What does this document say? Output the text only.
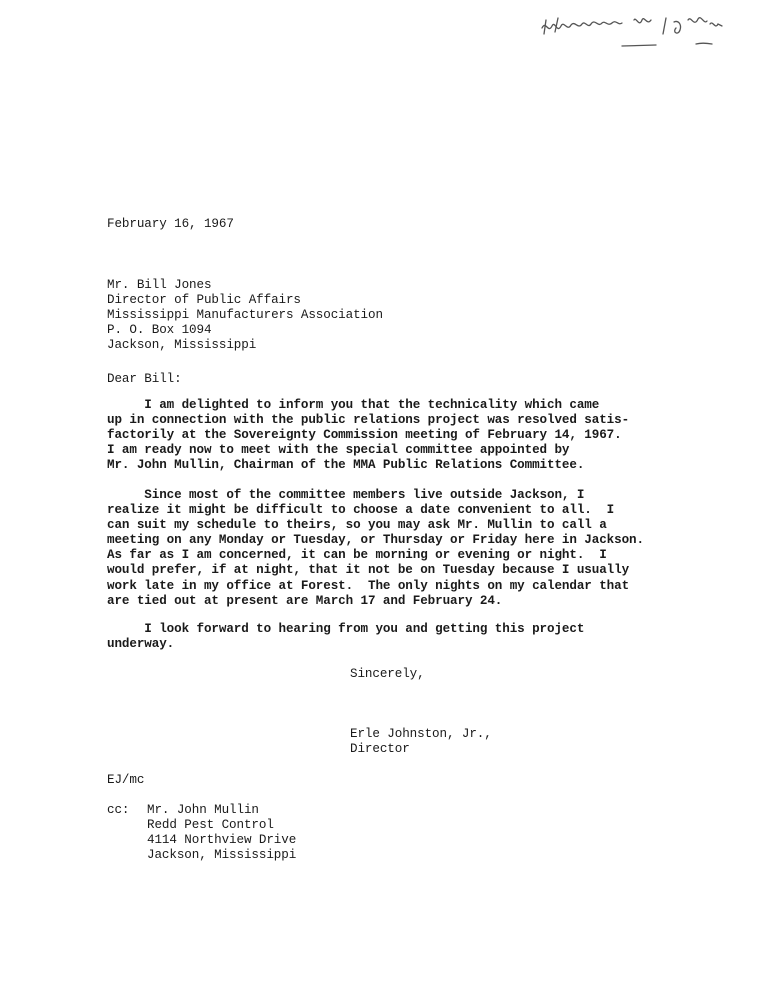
February 16, 1967
Mr. Bill Jones
Director of Public Affairs
Mississippi Manufacturers Association
P. O. Box 1094
Jackson, Mississippi
Dear Bill:
I am delighted to inform you that the technicality which came
up in connection with the public relations project was resolved satis-
factorily at the Sovereignty Commission meeting of February 14, 1967.
I am ready now to meet with the special committee appointed by
Mr. John Mullin, Chairman of the MMA Public Relations Committee.
Since most of the committee members live outside Jackson, I
realize it might be difficult to choose a date convenient to all.  I
can suit my schedule to theirs, so you may ask Mr. Mullin to call a
meeting on any Monday or Tuesday, or Thursday or Friday here in Jackson.
As far as I am concerned, it can be morning or evening or night.  I
would prefer, if at night, that it not be on Tuesday because I usually
work late in my office at Forest.  The only nights on my calendar that
are tied out at present are March 17 and February 24.
I look forward to hearing from you and getting this project
underway.
Sincerely,
Erle Johnston, Jr.,
Director
EJ/mc
cc: Mr. John Mullin
Redd Pest Control
4114 Northview Drive
Jackson, Mississippi
